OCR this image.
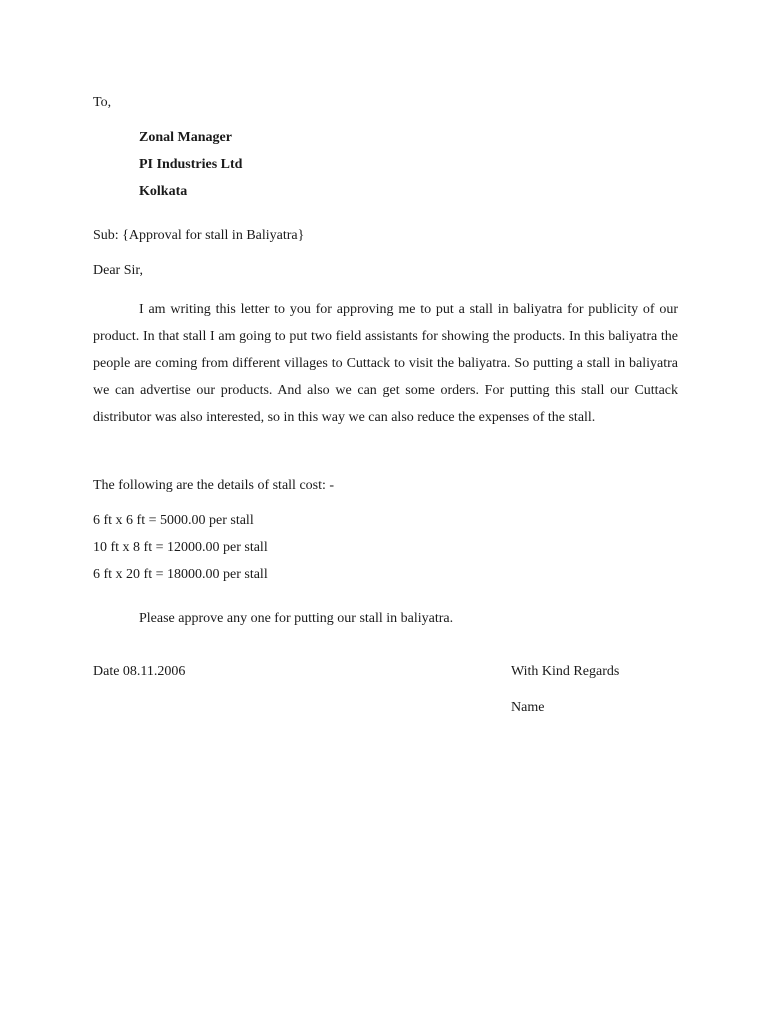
To,

Zonal Manager

PI Industries Ltd

Kolkata

Sub: {Approval for stall in Baliyatra}

Dear Sir,

I am writing this letter to you for approving me to put a stall in baliyatra for publicity of our product. In that stall I am going to put two field assistants for showing the products. In this baliyatra the people are coming from different villages to Cuttack to visit the baliyatra. So putting a stall in baliyatra we can advertise our products. And also we can get some orders. For putting this stall our Cuttack distributor was also interested, so in this way we can also reduce the expenses of the stall.

The following are the details of stall cost: -

6 ft x 6 ft = 5000.00 per stall

10 ft x 8 ft = 12000.00 per stall

6 ft x 20 ft = 18000.00 per stall

Please approve any one for putting our stall in baliyatra.

Date 08.11.2006	With Kind Regards

Name
